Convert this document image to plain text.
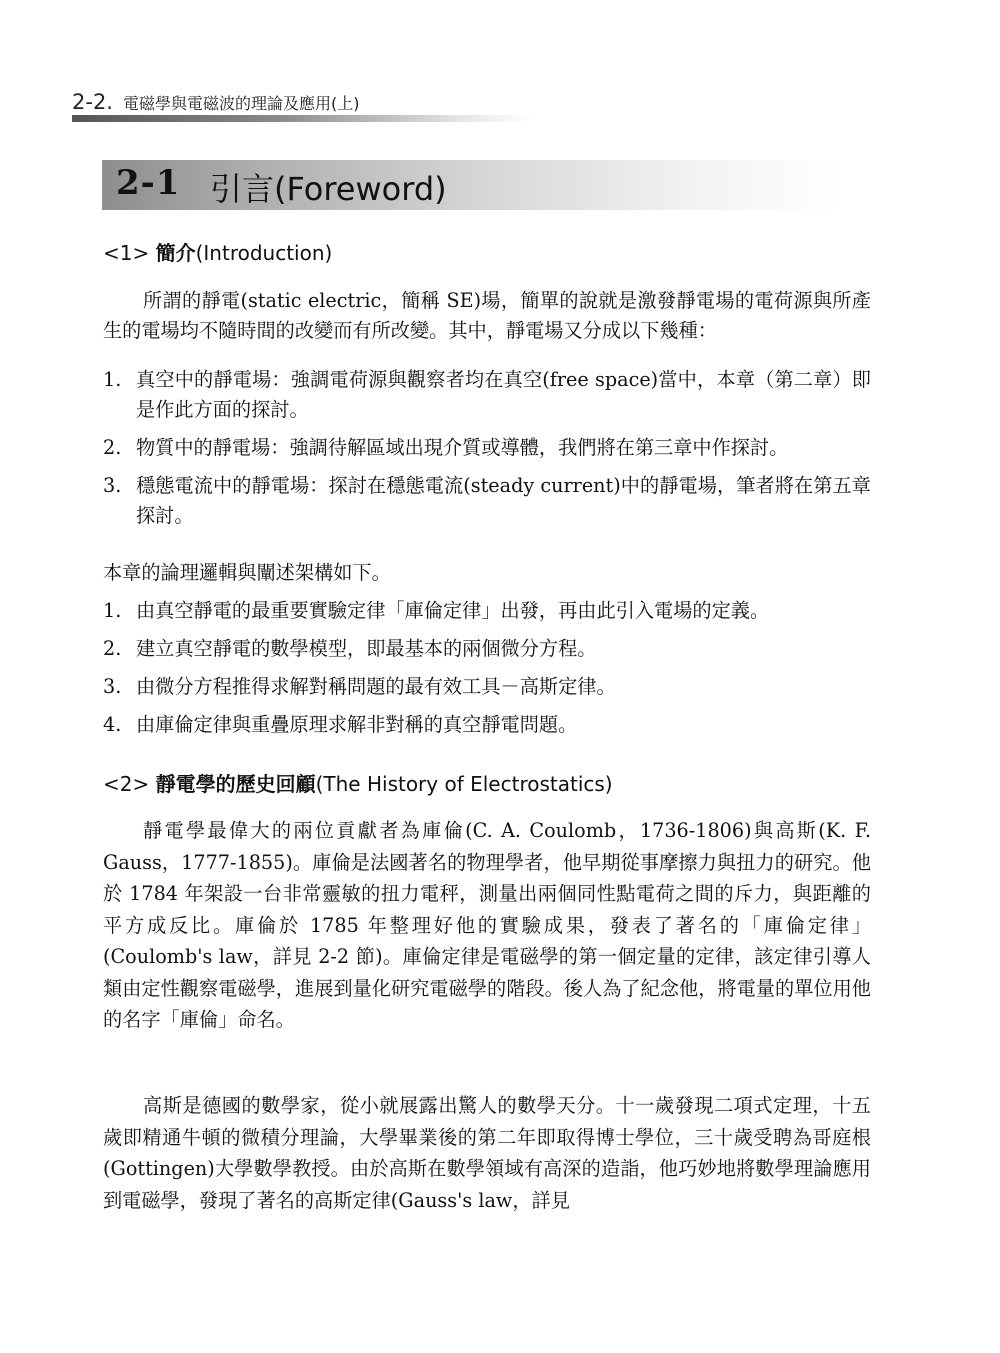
2-2. 電磁學與電磁波的理論及應用(上)
2-1 引言(Foreword)
<1> 簡介(Introduction)

所謂的靜電(static electric，簡稱 SE)場，簡單的說就是激發靜電場的電荷源與所產生的電場均不隨時間的改變而有所改變。其中，靜電場又分成以下幾種：

1. 真空中的靜電場：強調電荷源與觀察者均在真空(free space)當中，本章（第二章）即是作此方面的探討。
2. 物質中的靜電場：強調待解區域出現介質或導體，我們將在第三章中作探討。
3. 穩態電流中的靜電場：探討在穩態電流(steady current)中的靜電場，筆者將在第五章探討。

本章的論理邏輯與闡述架構如下。

1. 由真空靜電的最重要實驗定律「庫倫定律」出發，再由此引入電場的定義。
2. 建立真空靜電的數學模型，即最基本的兩個微分方程。
3. 由微分方程推得求解對稱問題的最有效工具－高斯定律。
4. 由庫倫定律與重疊原理求解非對稱的真空靜電問題。
<2> 靜電學的歷史回顧(The History of Electrostatics)

靜電學最偉大的兩位貢獻者為庫倫(C. A. Coulomb，1736-1806)與高斯(K. F. Gauss，1777-1855)。庫倫是法國著名的物理學者，他早期從事摩擦力與扭力的研究。他於 1784 年架設一台非常靈敏的扭力電秤，測量出兩個同性點電荷之間的斥力，與距離的平方成反比。庫倫於 1785 年整理好他的實驗成果，發表了著名的「庫倫定律」(Coulomb's law，詳見 2-2 節)。庫倫定律是電磁學的第一個定量的定律，該定律引導人類由定性觀察電磁學，進展到量化研究電磁學的階段。後人為了紀念他，將電量的單位用他的名字「庫倫」命名。

高斯是德國的數學家，從小就展露出驚人的數學天分。十一歲發現二項式定理，十五歲即精通牛頓的微積分理論，大學畢業後的第二年即取得博士學位，三十歲受聘為哥庭根(Gottingen)大學數學教授。由於高斯在數學領域有高深的造詣，他巧妙地將數學理論應用到電磁學，發現了著名的高斯定律(Gauss's law，詳見
